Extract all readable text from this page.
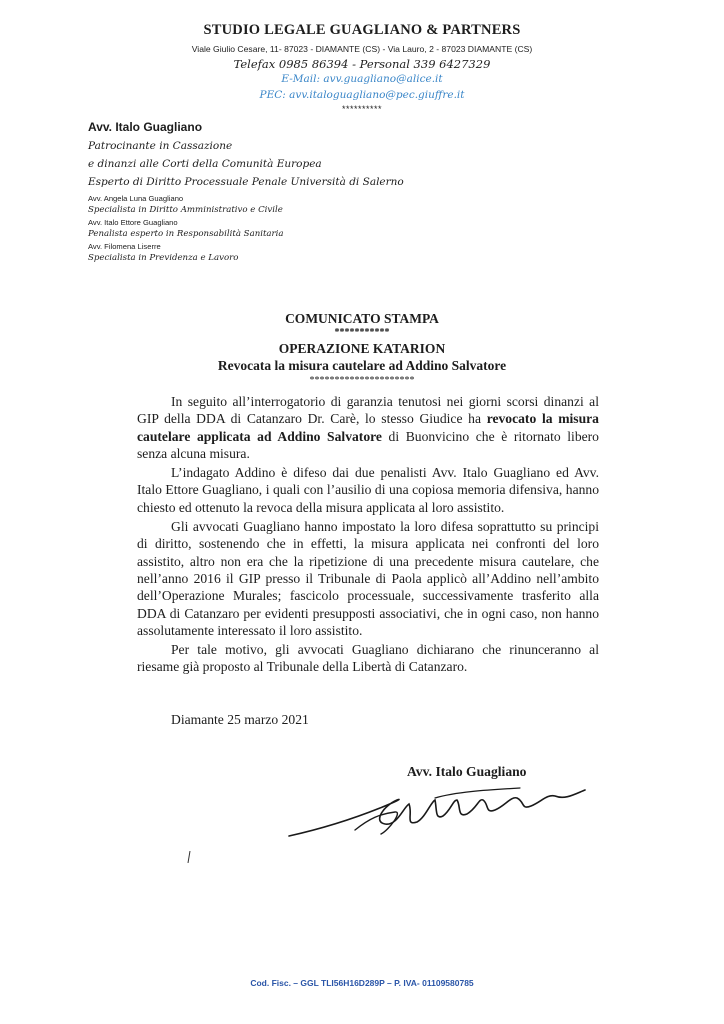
STUDIO LEGALE GUAGLIANO & PARTNERS
Viale Giulio Cesare, 11- 87023 - DIAMANTE (CS) - Via Lauro, 2 - 87023 DIAMANTE (CS)
Telefax 0985 86394 - Personal 339 6427329
E-Mail: avv.guagliano@alice.it
PEC: avv.italoguagliano@pec.giuffre.it
**********
Avv. Italo Guagliano
Patrocinante in Cassazione
e dinanzi alle Corti della Comunità Europea
Esperto di Diritto Processuale Penale Università di Salerno
Avv. Angela Luna Guagliano
Specialista in Diritto Amministrativo e Civile
Avv. Italo Ettore Guagliano
Penalista esperto in Responsabilità Sanitaria
Avv. Filomena Liserre
Specialista in Previdenza e Lavoro
COMUNICATO STAMPA
***********
OPERAZIONE KATARION
Revocata la misura cautelare ad Addino Salvatore
*********************

In seguito all’interrogatorio di garanzia tenutosi nei giorni scorsi dinanzi al GIP della DDA di Catanzaro Dr. Carè, lo stesso Giudice ha revocato la misura cautelare applicata ad Addino Salvatore di Buonvicino che è ritornato libero senza alcuna misura.

L’indagato Addino è difeso dai due penalisti Avv. Italo Guagliano ed Avv. Italo Ettore Guagliano, i quali con l’ausilio di una copiosa memoria difensiva, hanno chiesto ed ottenuto la revoca della misura applicata al loro assistito.

Gli avvocati Guagliano hanno impostato la loro difesa soprattutto su principi di diritto, sostenendo che in effetti, la misura applicata nei confronti del loro assistito, altro non era che la ripetizione di una precedente misura cautelare, che nell’anno 2016 il GIP presso il Tribunale di Paola applicò all’Addino nell’ambito dell’Operazione Murales; fascicolo processuale, successivamente trasferito alla DDA di Catanzaro per evidenti presupposti associativi, che in ogni caso, non hanno assolutamente interessato il loro assistito.

Per tale motivo, gli avvocati Guagliano dichiarano che rinunceranno al riesame già proposto al Tribunale della Libertà di Catanzaro.

Diamante 25 marzo 2021
Avv. Italo Guagliano
Cod. Fisc. – GGL TLI56H16D289P – P. IVA- 01109580785
